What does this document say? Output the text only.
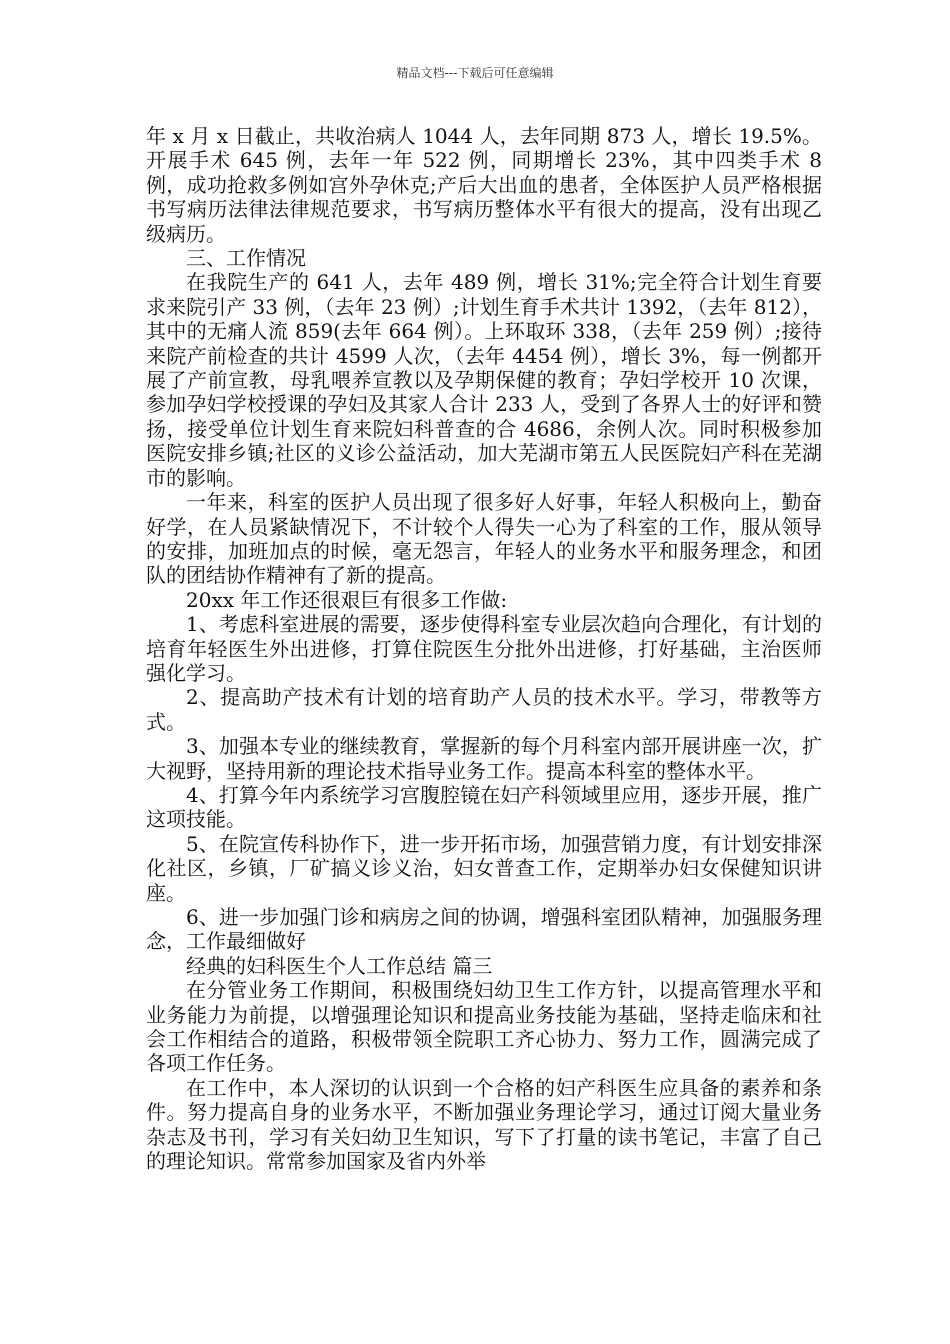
精品文档---下载后可任意编辑

年 x 月 x 日截止，共收治病人 1044 人，去年同期 873 人，增长 19.5%。开展手术 645 例，去年一年 522 例，同期增长 23%，其中四类手术 8 例，成功抢救多例如宫外孕休克;产后大出血的患者，全体医护人员严格根据书写病历法律法律规范要求，书写病历整体水平有很大的提高，没有出现乙级病历。

三、工作情况

在我院生产的 641 人，去年 489 例，增长 31%;完全符合计划生育要求来院引产 33 例，（去年 23 例）;计划生育手术共计 1392，（去年 812），其中的无痛人流 859(去年 664 例）。上环取环 338，（去年 259 例）;接待来院产前检查的共计 4599 人次，（去年 4454 例），增长 3%，每一例都开展了产前宣教，母乳喂养宣教以及孕期保健的教育；孕妇学校开 10 次课，参加孕妇学校授课的孕妇及其家人合计 233 人，受到了各界人士的好评和赞扬，接受单位计划生育来院妇科普查的合 4686，余例人次。同时积极参加医院安排乡镇;社区的义诊公益活动，加大芜湖市第五人民医院妇产科在芜湖市的影响。

一年来，科室的医护人员出现了很多好人好事，年轻人积极向上，勤奋好学，在人员紧缺情况下，不计较个人得失一心为了科室的工作，服从领导的安排，加班加点的时候，毫无怨言，年轻人的业务水平和服务理念，和团队的团结协作精神有了新的提高。

20xx 年工作还很艰巨有很多工作做:

1、考虑科室进展的需要，逐步使得科室专业层次趋向合理化，有计划的培育年轻医生外出进修，打算住院医生分批外出进修，打好基础，主治医师强化学习。

2、提高助产技术有计划的培育助产人员的技术水平。学习，带教等方式。

3、加强本专业的继续教育，掌握新的每个月科室内部开展讲座一次，扩大视野，坚持用新的理论技术指导业务工作。提高本科室的整体水平。

4、打算今年内系统学习宫腹腔镜在妇产科领域里应用，逐步开展，推广这项技能。

5、在院宣传科协作下，进一步开拓市场，加强营销力度，有计划安排深化社区，乡镇，厂矿搞义诊义治，妇女普查工作，定期举办妇女保健知识讲座。

6、进一步加强门诊和病房之间的协调，增强科室团队精神，加强服务理念，工作最细做好

经典的妇科医生个人工作总结 篇三

在分管业务工作期间，积极围绕妇幼卫生工作方针，以提高管理水平和业务能力为前提，以增强理论知识和提高业务技能为基础，坚持走临床和社会工作相结合的道路，积极带领全院职工齐心协力、努力工作，圆满完成了各项工作任务。

在工作中，本人深切的认识到一个合格的妇产科医生应具备的素养和条件。努力提高自身的业务水平，不断加强业务理论学习，通过订阅大量业务杂志及书刊，学习有关妇幼卫生知识，写下了打量的读书笔记，丰富了自己的理论知识。常常参加国家及省内外举
